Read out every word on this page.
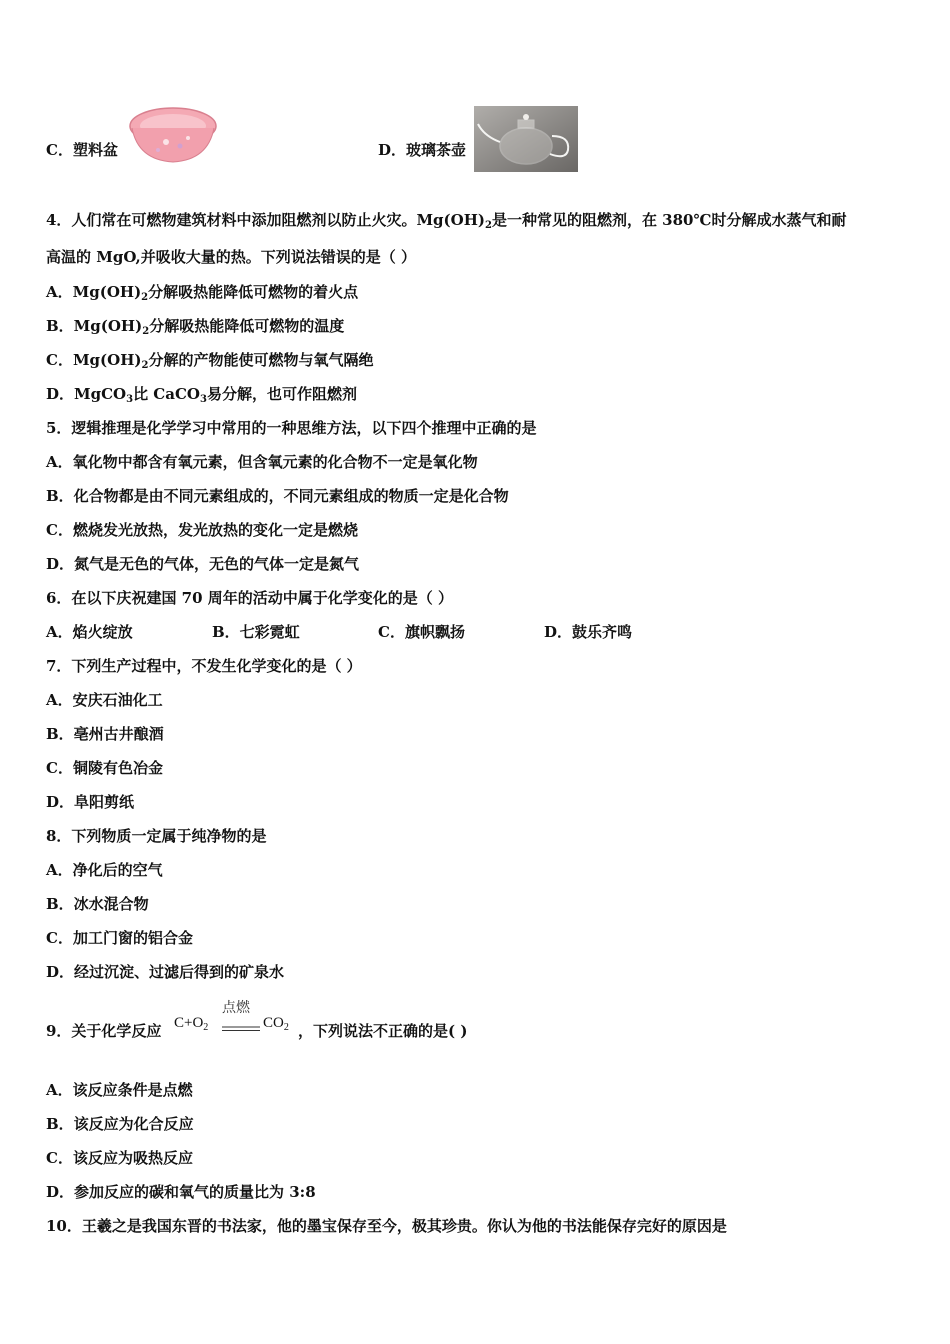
C．塑料盆	D．玻璃茶壶
4．人们常在可燃物建筑材料中添加阻燃剂以防止火灾。$Mg(OH)_2$是一种常见的阻燃剂，在 380℃时分解成水蒸气和耐
高温的 MgO,并吸收大量的热。下列说法错误的是（ ）
A．$Mg(OH)_2$分解吸热能降低可燃物的着火点
B．$Mg(OH)_2$分解吸热能降低可燃物的温度
C．$Mg(OH)_2$分解的产物能使可燃物与氧气隔绝
D．MgCO$_3$比 CaCO$_3$易分解，也可作阻燃剂
5．逻辑推理是化学学习中常用的一种思维方法，以下四个推理中正确的是
A．氧化物中都含有氧元素，但含氧元素的化合物不一定是氧化物
B．化合物都是由不同元素组成的，不同元素组成的物质一定是化合物
C．燃烧发光放热，发光放热的变化一定是燃烧
D．氮气是无色的气体，无色的气体一定是氮气
6．在以下庆祝建国 70 周年的活动中属于化学变化的是（ ）
A．焰火绽放	B．七彩霓虹	C．旗帜飘扬	D．鼓乐齐鸣
7．下列生产过程中，不发生化学变化的是（ ）
A．安庆石油化工
B．亳州古井酿酒
C．铜陵有色冶金
D．阜阳剪纸
8．下列物质一定属于纯净物的是
A．净化后的空气
B．冰水混合物
C．加工门窗的铝合金
D．经过沉淀、过滤后得到的矿泉水
9．关于化学反应 $C+O_2$
点燃
$CO_2$ ，下列说法不正确的是( )
A．该反应条件是点燃
B．该反应为化合反应
C．该反应为吸热反应
D．参加反应的碳和氧气的质量比为 3:8
10．王羲之是我国东晋的书法家，他的墨宝保存至今，极其珍贵。你认为他的书法能保存完好的原因是
